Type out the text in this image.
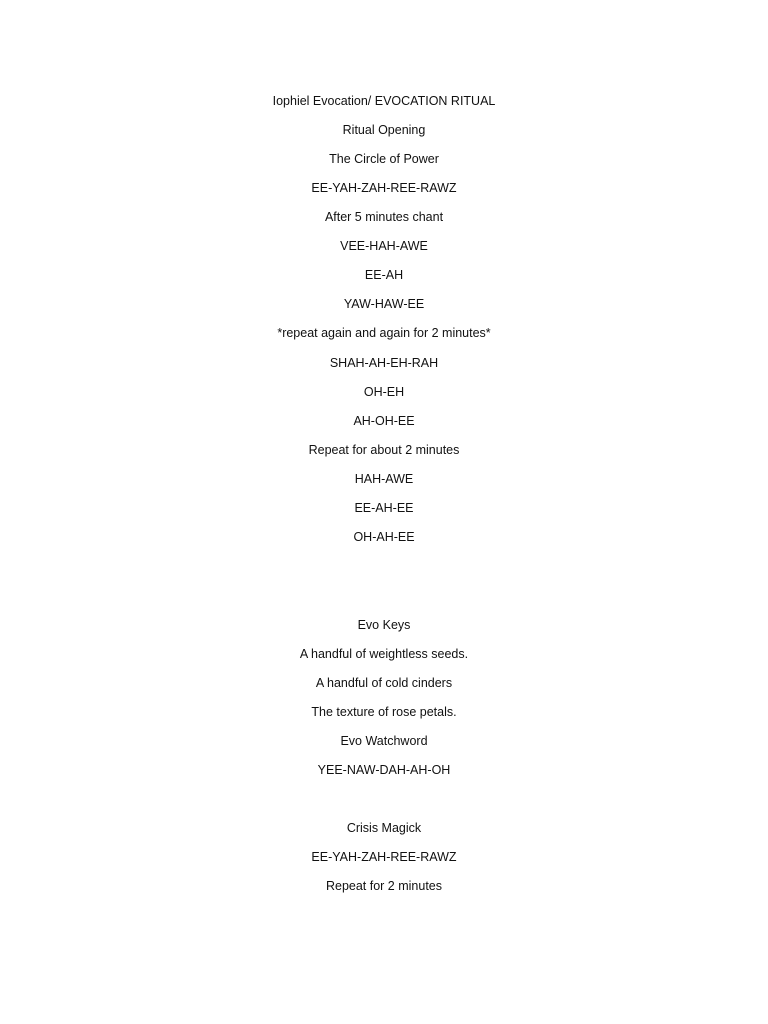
Iophiel Evocation/ EVOCATION RITUAL
Ritual Opening
The Circle of Power
EE-YAH-ZAH-REE-RAWZ
After 5 minutes chant
VEE-HAH-AWE
EE-AH
YAW-HAW-EE
*repeat again and again for 2 minutes*
SHAH-AH-EH-RAH
OH-EH
AH-OH-EE
Repeat for about 2 minutes
HAH-AWE
EE-AH-EE
OH-AH-EE
Evo Keys
A handful of weightless seeds.
A handful of cold cinders
The texture of rose petals.
Evo Watchword
YEE-NAW-DAH-AH-OH
Crisis Magick
EE-YAH-ZAH-REE-RAWZ
Repeat for 2 minutes
